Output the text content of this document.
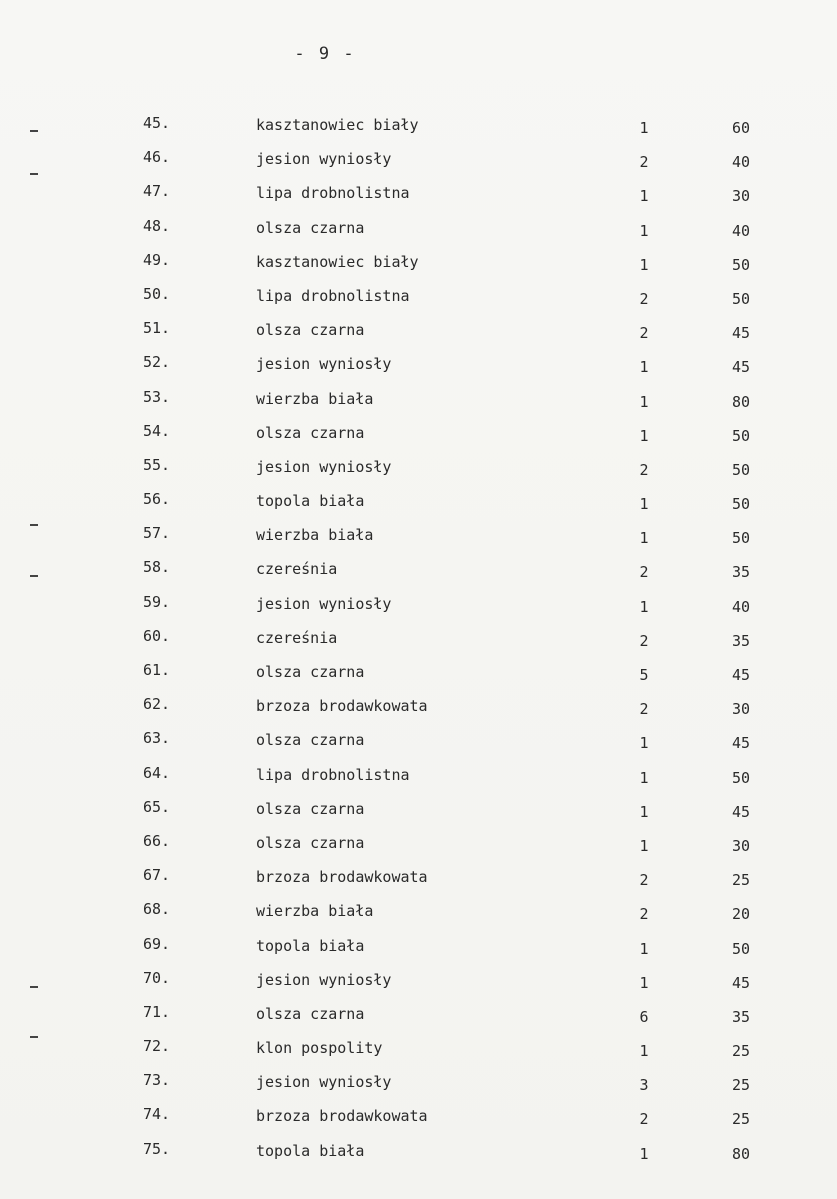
- 9 -
45.	kasztanowiec biały	1	60
46.	jesion wyniosły	2	40
47.	lipa drobnolistna	1	30
48.	olsza czarna	1	40
49.	kasztanowiec biały	1	50
50.	lipa drobnolistna	2	50
51.	olsza czarna	2	45
52.	jesion wyniosły	1	45
53.	wierzba biała	1	80
54.	olsza czarna	1	50
55.	jesion wyniosły	2	50
56.	topola biała	1	50
57.	wierzba biała	1	50
58.	czereśnia	2	35
59.	jesion wyniosły	1	40
60.	czereśnia	2	35
61.	olsza czarna	5	45
62.	brzoza brodawkowata	2	30
63.	olsza czarna	1	45
64.	lipa drobnolistna	1	50
65.	olsza czarna	1	45
66.	olsza czarna	1	30
67.	brzoza brodawkowata	2	25
68.	wierzba biała	2	20
69.	topola biała	1	50
70.	jesion wyniosły	1	45
71.	olsza czarna	6	35
72.	klon pospolity	1	25
73.	jesion wyniosły	3	25
74.	brzoza brodawkowata	2	25
75.	topola biała	1	80
